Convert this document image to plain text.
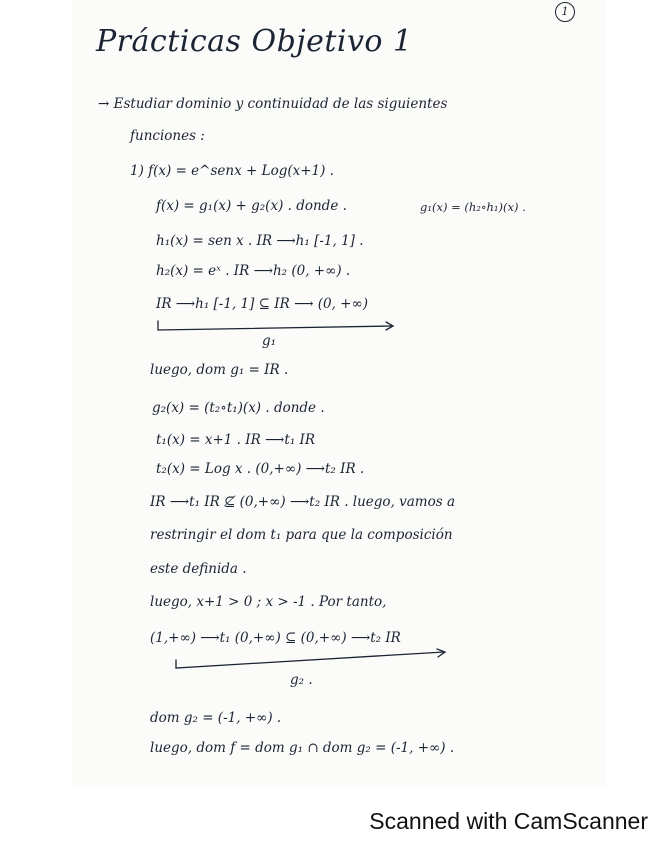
1
Prácticas Objetivo 1
→ Estudiar dominio y continuidad de las siguientes
funciones :
1) f(x) = e^senx + Log(x+1) .
f(x) = g₁(x) + g₂(x) . donde .	g₁(x) = (h₂∘h₁)(x) .
h₁(x) = sen x . IR ⟶h₁ [-1, 1] .
h₂(x) = eˣ . IR ⟶h₂ (0, +∞) .
IR ⟶h₁ [-1, 1] ⊆ IR ⟶ (0, +∞)
g₁
luego, dom g₁ = IR .
g₂(x) = (t₂∘t₁)(x) . donde .
t₁(x) = x+1 . IR ⟶t₁ IR
t₂(x) = Log x . (0,+∞) ⟶t₂ IR .
IR ⟶t₁ IR ⊈ (0,+∞) ⟶t₂ IR . luego, vamos a
restringir el dom t₁ para que la composición
este definida .
luego, x+1 > 0 ; x > -1 . Por tanto,
(1,+∞) ⟶t₁ (0,+∞) ⊆ (0,+∞) ⟶t₂ IR
g₂ .
dom g₂ = (-1, +∞) .
luego, dom f = dom g₁ ∩ dom g₂ = (-1, +∞) .
Scanned with CamScanner
